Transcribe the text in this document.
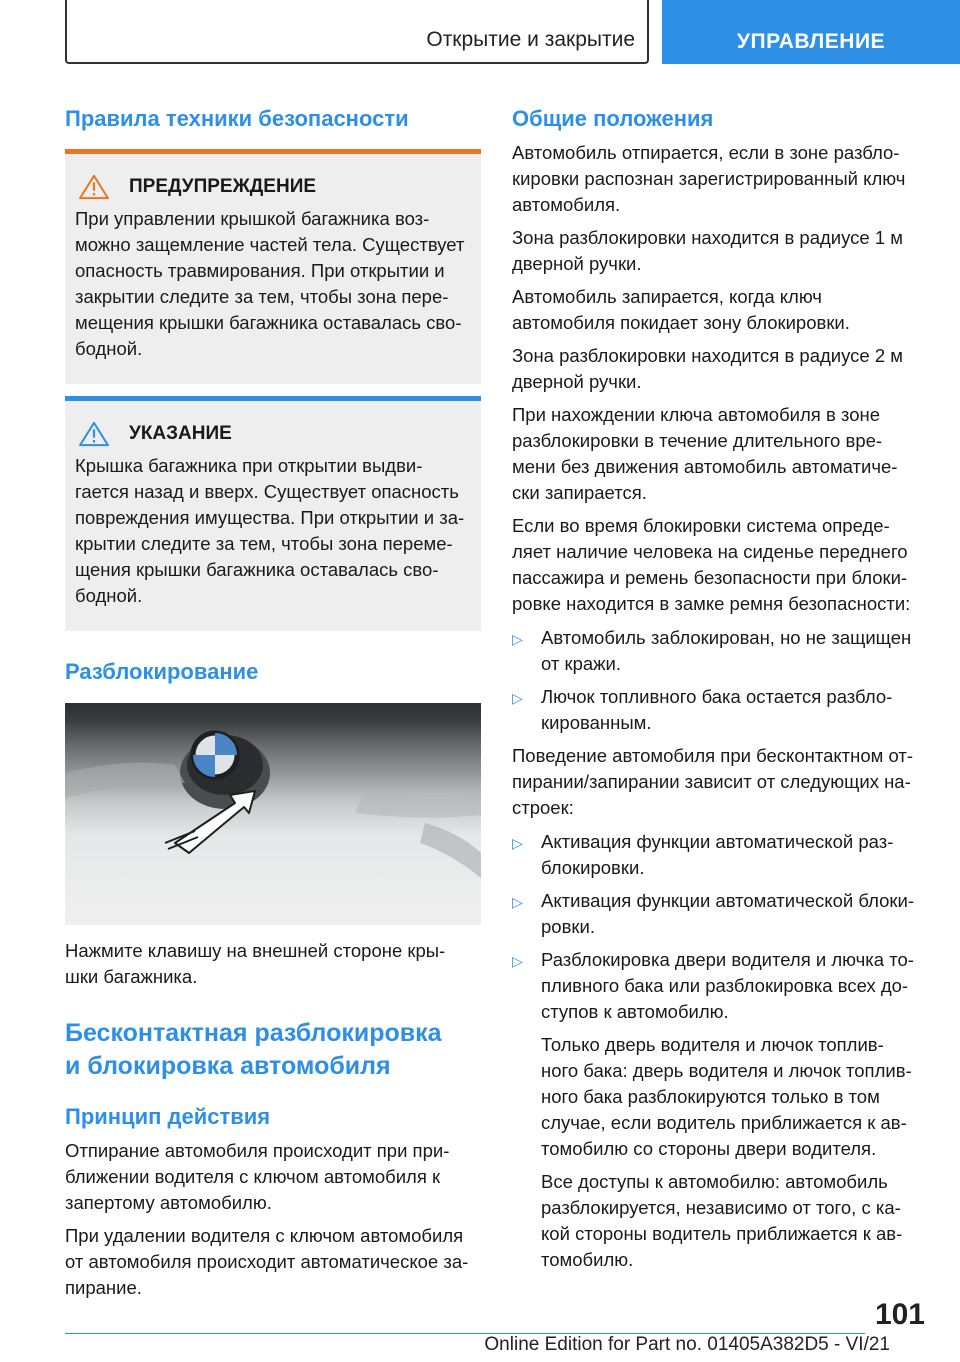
Открытие и закрытие	УПРАВЛЕНИЕ
Правила техники безопасности
ПРЕДУПРЕЖДЕНИЕ

При управлении крышкой багажника воз-
можно защемление частей тела. Существует
опасность травмирования. При открытии и
закрытии следите за тем, чтобы зона пере-
мещения крышки багажника оставалась сво-
бодной.

УКАЗАНИЕ

Крышка багажника при открытии выдви-
гается назад и вверх. Существует опасность
повреждения имущества. При открытии и за-
крытии следите за тем, чтобы зона переме-
щения крышки багажника оставалась сво-
бодной.

Разблокирование

Нажмите клавишу на внешней стороне кры-
шки багажника.

Бесконтактная разблокировка
и блокировка автомобиля
Принцип действия

Отпирание автомобиля происходит при при-
ближении водителя с ключом автомобиля к
запертому автомобилю.

При удалении водителя с ключом автомобиля
от автомобиля происходит автоматическое за-
пирание.

Общие положения

Автомобиль отпирается, если в зоне разбло-
кировки распознан зарегистрированный ключ
автомобиля.

Зона разблокировки находится в радиусе 1 м
дверной ручки.

Автомобиль запирается, когда ключ
автомобиля покидает зону блокировки.

Зона разблокировки находится в радиусе 2 м
дверной ручки.

При нахождении ключа автомобиля в зоне
разблокировки в течение длительного вре-
мени без движения автомобиль автоматиче-
ски запирается.

Если во время блокировки система опреде-
ляет наличие человека на сиденье переднего
пассажира и ремень безопасности при блоки-
ровке находится в замке ремня безопасности:

▷ Автомобиль заблокирован, но не защищен
от кражи.
▷ Лючок топливного бака остается разбло-
кированным.

Поведение автомобиля при бесконтактном от-
пирании/запирании зависит от следующих на-
строек:

▷ Активация функции автоматической раз-
блокировки.
▷ Активация функции автоматической блоки-
ровки.
▷ Разблокировка двери водителя и лючка то-
пливного бака или разблокировка всех до-
ступов к автомобилю.

Только дверь водителя и лючок топлив-
ного бака: дверь водителя и лючок топлив-
ного бака разблокируются только в том
случае, если водитель приближается к ав-
томобилю со стороны двери водителя.

Все доступы к автомобилю: автомобиль
разблокируется, независимо от того, с ка-
кой стороны водитель приближается к ав-
томобилю.

101
Online Edition for Part no. 01405A382D5 - VI/21
